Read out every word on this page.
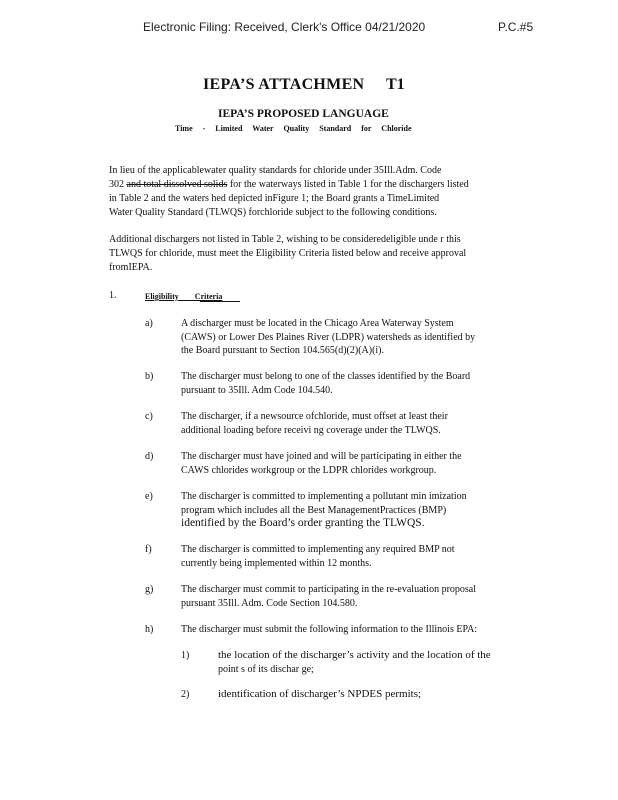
Electronic Filing: Received, Clerk's Office 04/21/2020	P.C.#5
IEPA’S ATTACHMEN T1
IEPA’S PROPOSED LANGUAGE
Time - Limited Water Quality Standard for Chloride
In lieu of the applicablewater quality standards for chloride under 35Ill.Adm. Code
302 and total dissolved solids for the waterways listed in Table 1 for the dischargers listed
in Table 2 and the waters hed depicted inFigure 1; the Board grants a TimeLimited
Water Quality Standard (TLWQS) forchloride subject to the following conditions.
Additional dischargers not listed in Table 2, wishing to be consideredeligible unde r this
TLWQS for chloride, must meet the Eligibility Criteria listed below and receive approval
fromIEPA.
1.	Eligibility Criteria
a)	A discharger must be located in the Chicago Area Waterway System
(CAWS) or Lower Des Plaines River (LDPR) watersheds as identified by
the Board pursuant to Section 104.565(d)(2)(A)(i).
b)	The discharger must belong to one of the classes identified by the Board
pursuant to 35Ill. Adm Code 104.540.
c)	The discharger, if a newsource ofchloride, must offset at least their
additional loading before receivi ng coverage under the TLWQS.
d)	The discharger must have joined and will be participating in either the
CAWS chlorides workgroup or the LDPR chlorides workgroup.
e)	The discharger is committed to implementing a pollutant min imization
program which includes all the Best ManagementPractices (BMP)
identified by the Board’s order granting the TLWQS.
f)	The discharger is committed to implementing any required BMP not
currently being implemented within 12 months.
g)	The discharger must commit to participating in the re-evaluation proposal
pursuant 35Ill. Adm. Code Section 104.580.
h)	The discharger must submit the following information to the Illinois EPA:
1)	the location of the discharger’s activity and the location of the
point s of its dischar ge;
2)	identification of discharger’s NPDES permits;
